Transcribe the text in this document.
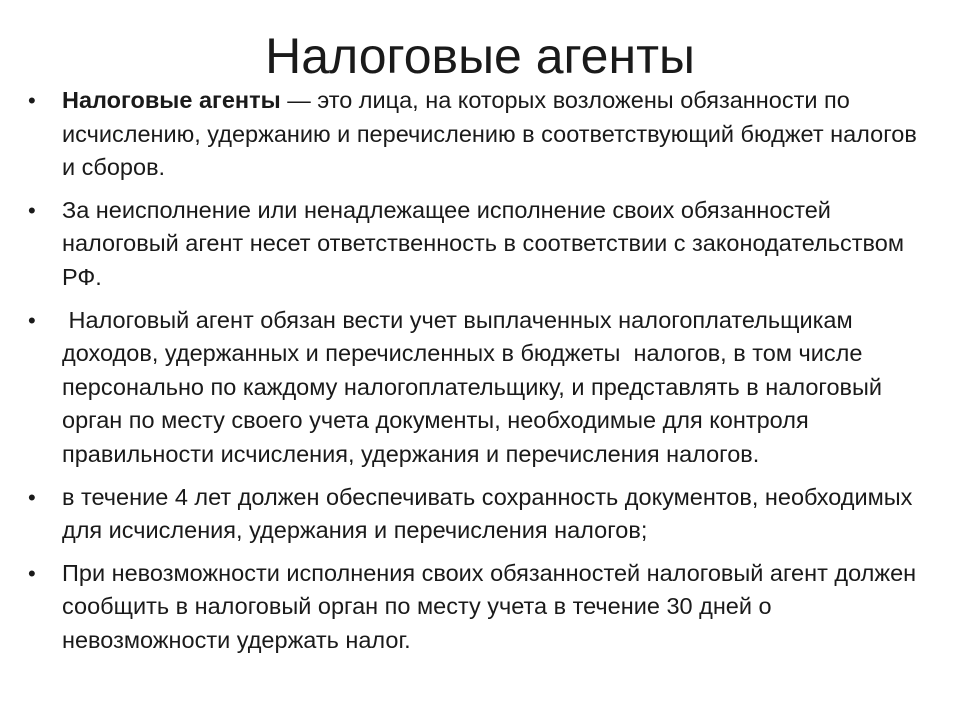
Налоговые агенты
•	Налоговые агенты — это лица, на которых возложены обязанности по исчислению, удержанию и перечислению в соответствующий бюджет налогов и сборов.
•	За неисполнение или ненадлежащее исполнение своих обязанностей налоговый агент несет ответственность в соответствии с законодательством РФ.
•	Налоговый агент обязан вести учет выплаченных налогоплательщикам доходов, удержанных и перечисленных в бюджеты  налогов, в том числе персонально по каждому налогоплательщику, и представлять в налоговый орган по месту своего учета документы, необходимые для контроля правильности исчисления, удержания и перечисления налогов.
•	в течение 4 лет должен обеспечивать сохранность документов, необходимых для исчисления, удержания и перечисления налогов;
•	При невозможности исполнения своих обязанностей налоговый агент должен сообщить в налоговый орган по месту учета в течение 30 дней о невозможности удержать налог.
